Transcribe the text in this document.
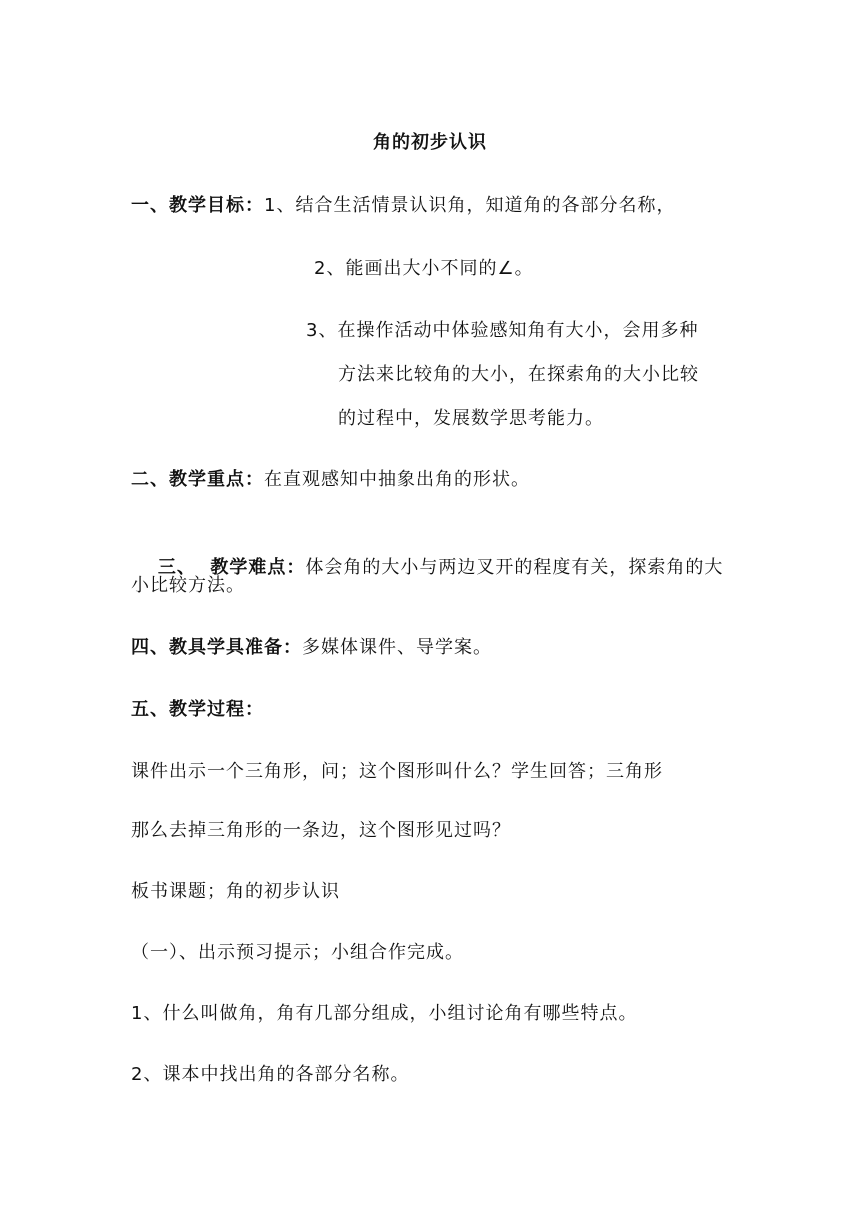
角的初步认识
一、教学目标：1、结合生活情景认识角，知道角的各部分名称，
2、能画出大小不同的∠。
3、在操作活动中体验感知角有大小，会用多种
方法来比较角的大小，在探索角的大小比较
的过程中，发展数学思考能力。
二、教学重点：在直观感知中抽象出角的形状。

三、  教学难点：体会角的大小与两边叉开的程度有关，探索角的大

小比较方法。
四、教具学具准备：多媒体课件、导学案。
五、教学过程：
课件出示一个三角形，问；这个图形叫什么？学生回答；三角形
那么去掉三角形的一条边，这个图形见过吗？
板书课题；角的初步认识
（一）、出示预习提示；小组合作完成。
1、什么叫做角，角有几部分组成，小组讨论角有哪些特点。
2、课本中找出角的各部分名称。
